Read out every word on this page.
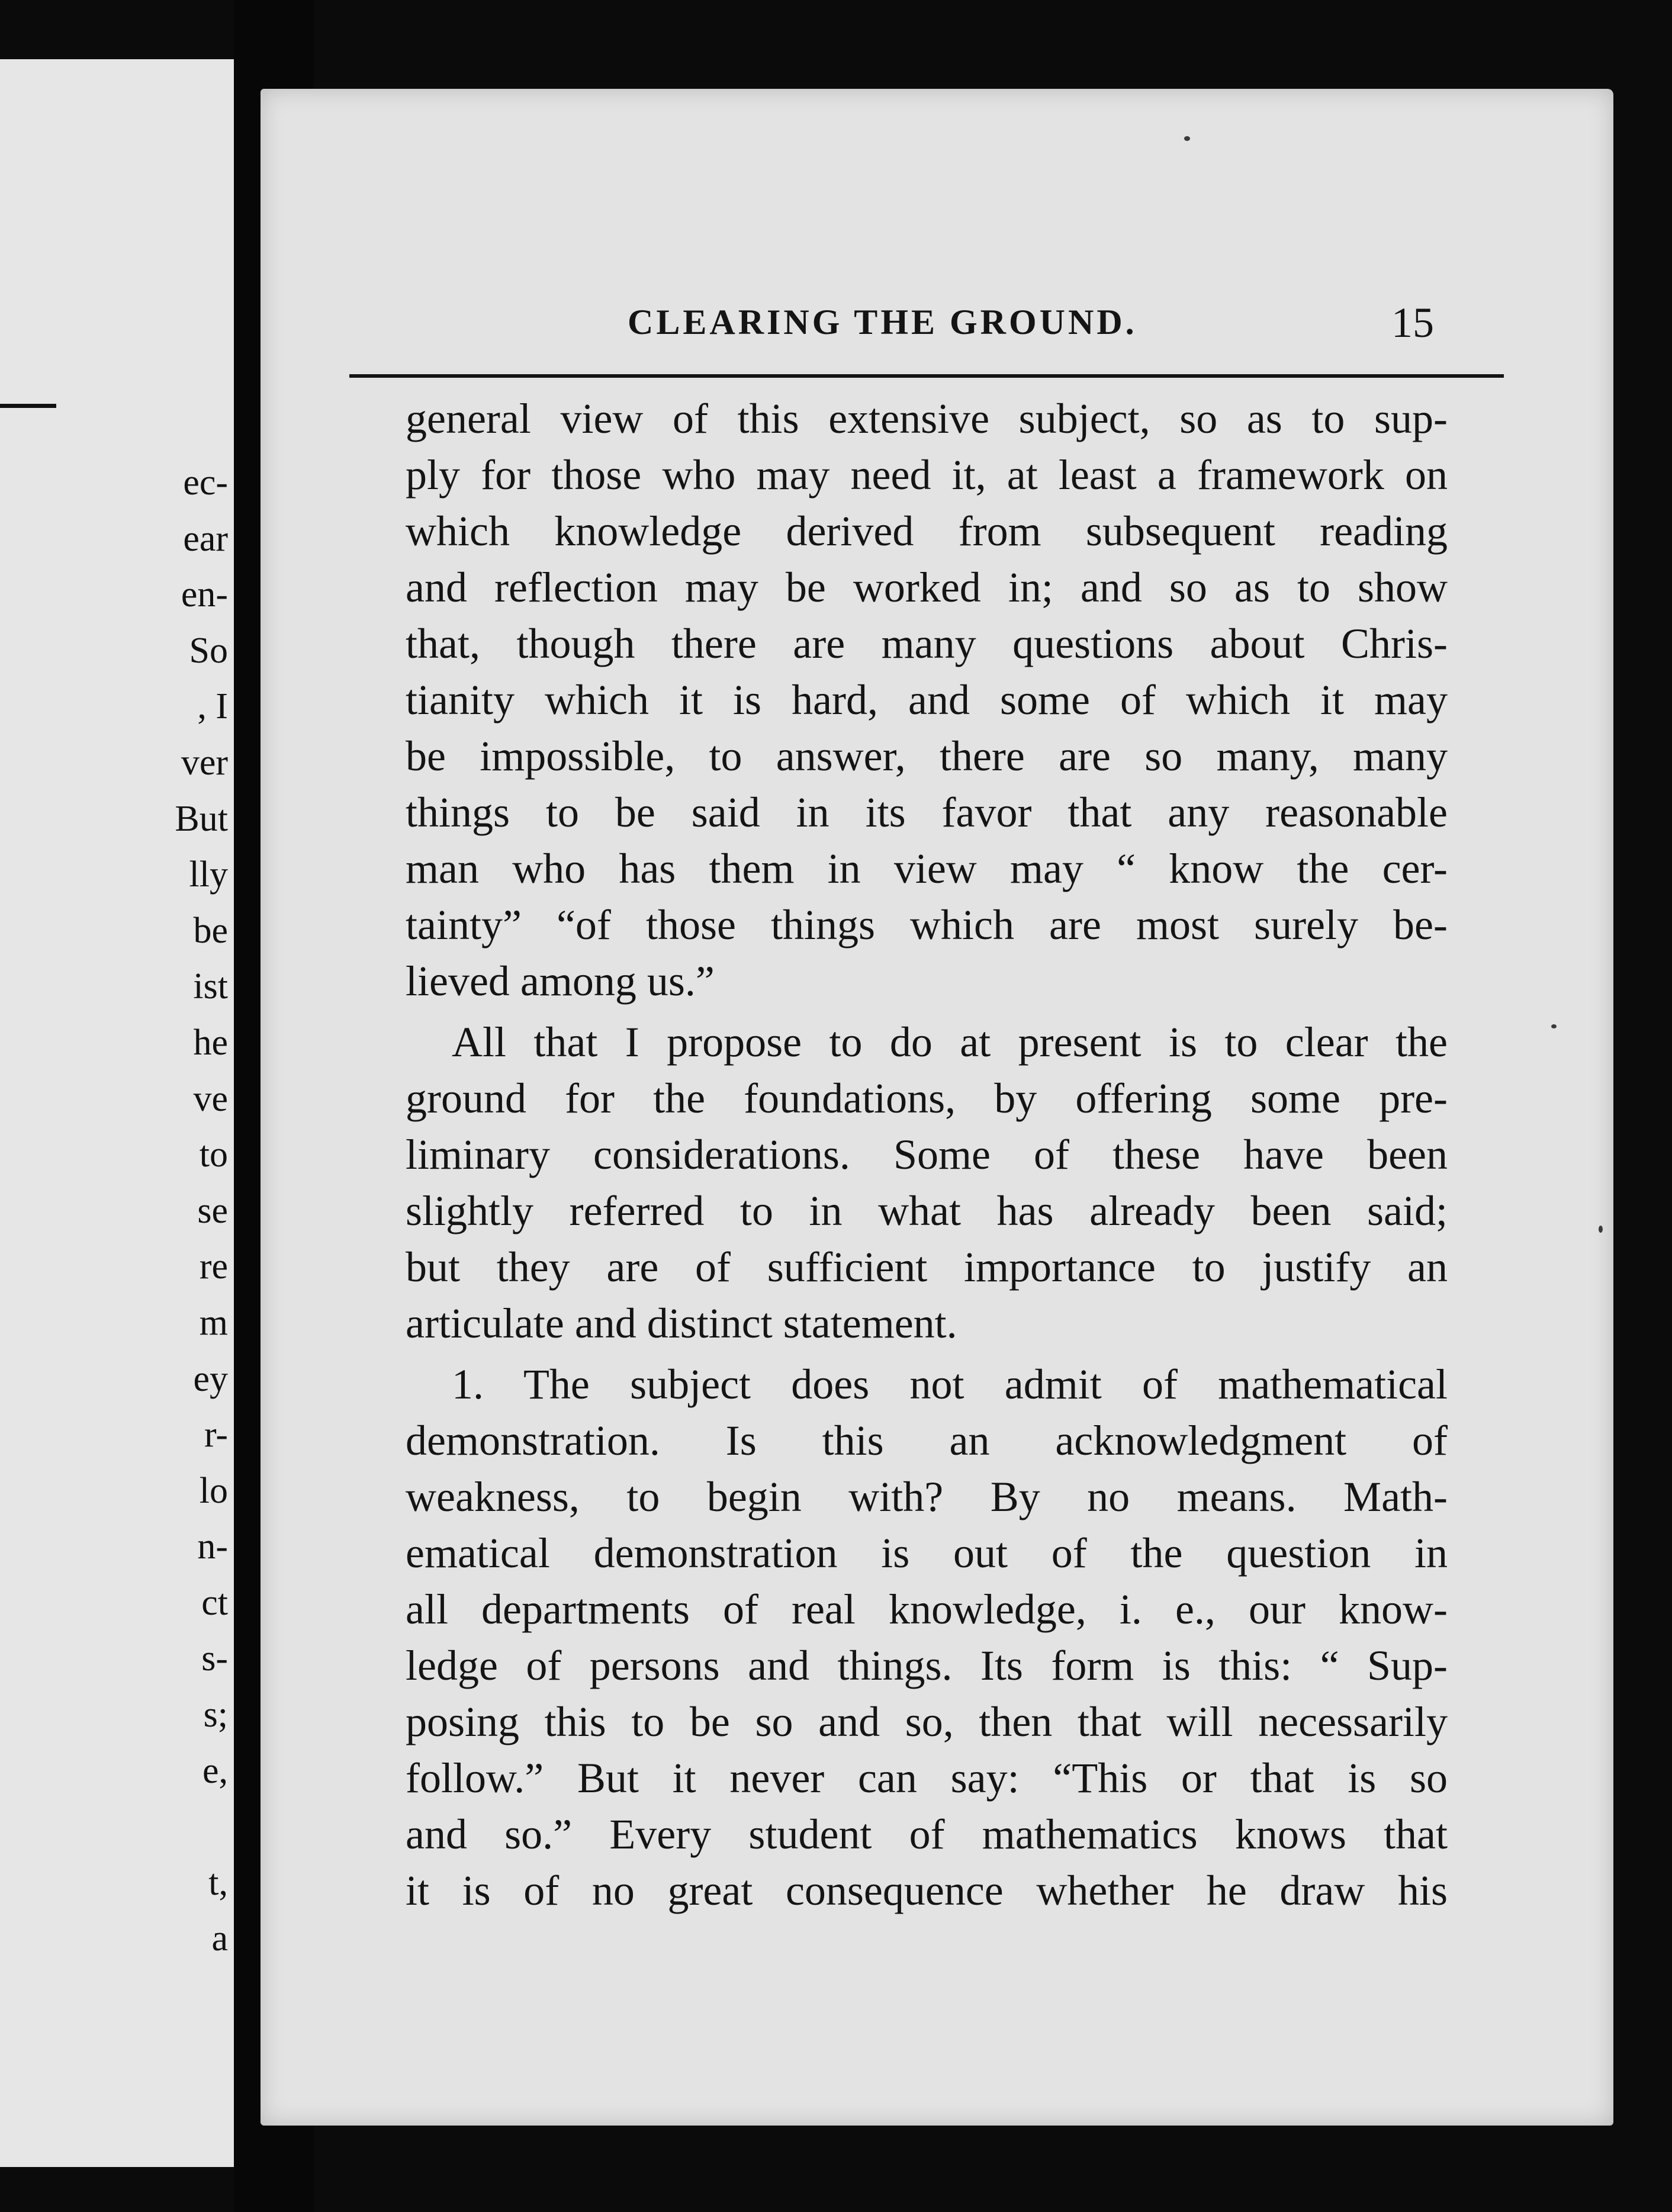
ec-
ear
en-
So
, I
ver
But
lly
be
ist
he
ve
to
se
re
m
ey
r-
lo
n-
ct
s-
s;
e,
t,
a
CLEARING THE GROUND.	15
general view of this extensive subject, so as to sup-
ply for those who may need it, at least a framework on
which knowledge derived from subsequent reading
and reflection may be worked in; and so as to show
that, though there are many questions about Chris-
tianity which it is hard, and some of which it may
be impossible, to answer, there are so many, many
things to be said in its favor that any reasonable
man who has them in view may “ know the cer-
tainty” “of those things which are most surely be-
lieved among us.”
All that I propose to do at present is to clear the
ground for the foundations, by offering some pre-
liminary considerations. Some of these have been
slightly referred to in what has already been said;
but they are of sufficient importance to justify an
articulate and distinct statement.
1. The subject does not admit of mathematical
demonstration. Is this an acknowledgment of
weakness, to begin with? By no means. Math-
ematical demonstration is out of the question in
all departments of real knowledge, i. e., our know-
ledge of persons and things. Its form is this: “ Sup-
posing this to be so and so, then that will necessarily
follow.” But it never can say: “This or that is so
and so.” Every student of mathematics knows that
it is of no great consequence whether he draw his
